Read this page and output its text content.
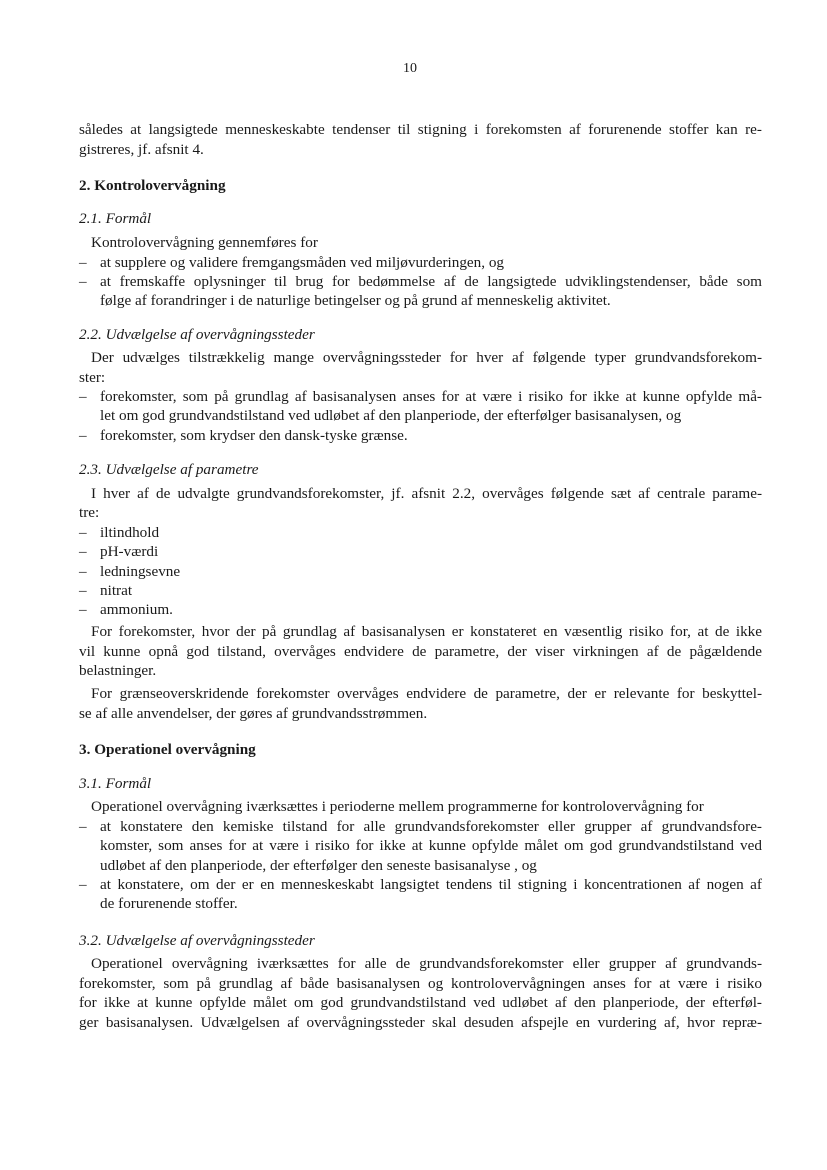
10
således at langsigtede menneskeskabte tendenser til stigning i forekomsten af forurenende stoffer kan re-
gistreres, jf. afsnit 4.
2. Kontrolovervågning
2.1. Formål
Kontrolovervågning gennemføres for
– at supplere og validere fremgangsmåden ved miljøvurderingen, og
– at fremskaffe oplysninger til brug for bedømmelse af de langsigtede udviklingstendenser, både som
følge af forandringer i de naturlige betingelser og på grund af menneskelig aktivitet.
2.2. Udvælgelse af overvågningssteder
Der udvælges tilstrækkelig mange overvågningssteder for hver af følgende typer grundvandsforekom-
ster:
– forekomster, som på grundlag af basisanalysen anses for at være i risiko for ikke at kunne opfylde må-
let om god grundvandstilstand ved udløbet af den planperiode, der efterfølger basisanalysen, og
– forekomster, som krydser den dansk-tyske grænse.
2.3. Udvælgelse af parametre
I hver af de udvalgte grundvandsforekomster, jf. afsnit 2.2, overvåges følgende sæt af centrale parame-
tre:
– iltindhold
– pH-værdi
– ledningsevne
– nitrat
– ammonium.
For forekomster, hvor der på grundlag af basisanalysen er konstateret en væsentlig risiko for, at de ikke
vil kunne opnå god tilstand, overvåges endvidere de parametre, der viser virkningen af de pågældende
belastninger.
For grænseoverskridende forekomster overvåges endvidere de parametre, der er relevante for beskyttel-
se af alle anvendelser, der gøres af grundvandsstrømmen.
3. Operationel overvågning
3.1. Formål
Operationel overvågning iværksættes i perioderne mellem programmerne for kontrolovervågning for
– at konstatere den kemiske tilstand for alle grundvandsforekomster eller grupper af grundvandsfore-
komster, som anses for at være i risiko for ikke at kunne opfylde målet om god grundvandstilstand ved
udløbet af den planperiode, der efterfølger den seneste basisanalyse , og
– at konstatere, om der er en menneskeskabt langsigtet tendens til stigning i koncentrationen af nogen af
de forurenende stoffer.
3.2. Udvælgelse af overvågningssteder
Operationel overvågning iværksættes for alle de grundvandsforekomster eller grupper af grundvands-
forekomster, som på grundlag af både basisanalysen og kontrolovervågningen anses for at være i risiko
for ikke at kunne opfylde målet om god grundvandstilstand ved udløbet af den planperiode, der efterføl-
ger basisanalysen. Udvælgelsen af overvågningssteder skal desuden afspejle en vurdering af, hvor repræ-
